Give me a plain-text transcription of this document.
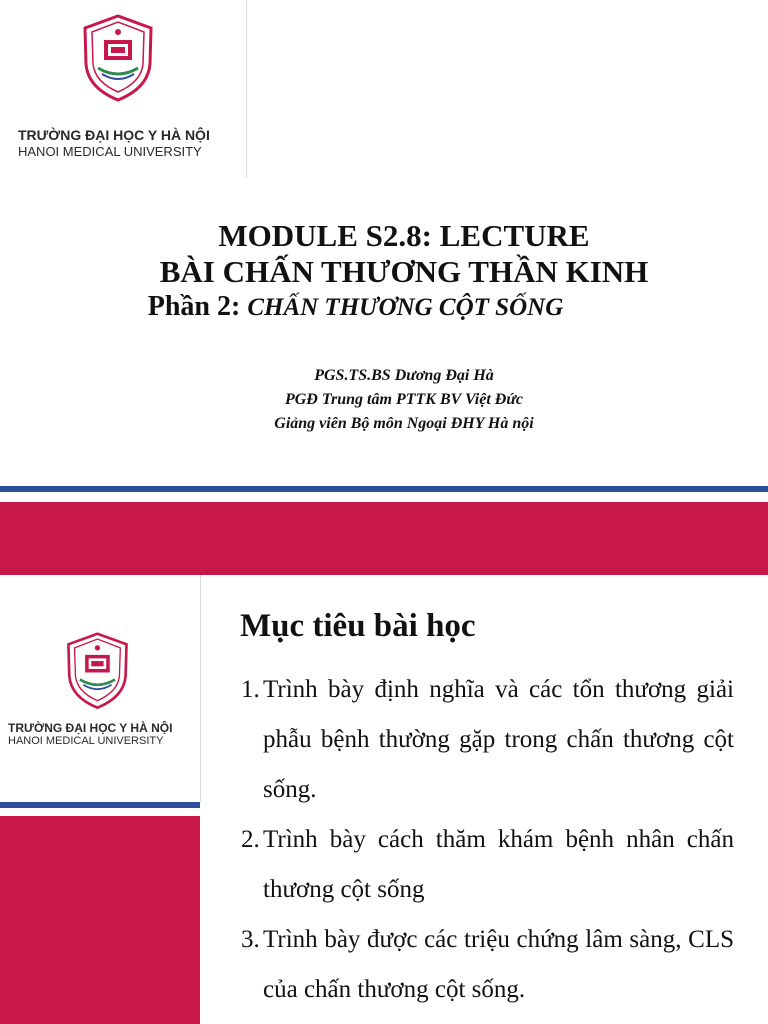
TRƯỜNG ĐẠI HỌC Y HÀ NỘI
HANOI MEDICAL UNIVERSITY
MODULE S2.8: LECTURE
BÀI CHẤN THƯƠNG THẦN KINH
Phần 2: CHẤN THƯƠNG CỘT SỐNG
PGS.TS.BS Dương Đại Hà
PGĐ Trung tâm PTTK BV Việt Đức
Giảng viên Bộ môn Ngoại ĐHY Hà nội
TRƯỜNG ĐẠI HỌC Y HÀ NỘI
HANOI MEDICAL UNIVERSITY
Mục tiêu bài học
1. Trình bày định nghĩa và các tổn thương giải phẫu bệnh thường gặp trong chấn thương cột sống.
2. Trình bày cách thăm khám bệnh nhân chấn thương cột sống
3. Trình bày được các triệu chứng lâm sàng, CLS của chấn thương cột sống.
